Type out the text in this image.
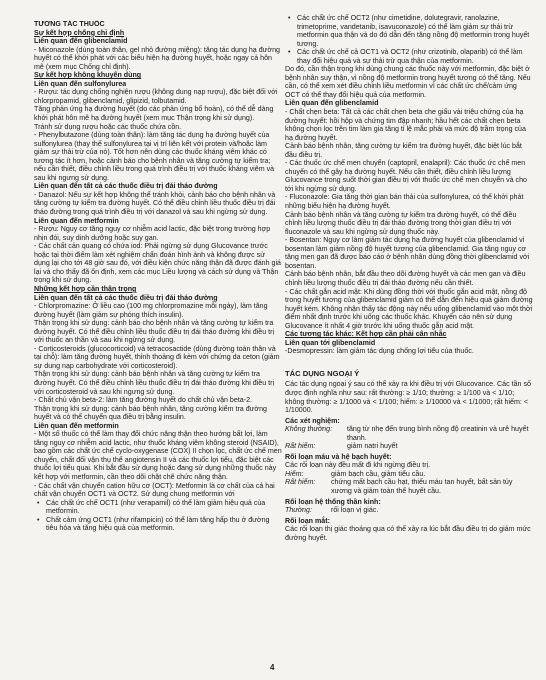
TƯƠNG TÁC THUỐC

Sự kết hợp chống chỉ định

Liên quan đến glibenclamid

- Miconazole (dùng toàn thân, gel nhỏ đường miệng): tăng tác dụng hạ đường huyết có thể khởi phát với các biểu hiện hạ đường huyết, hoặc ngay cả hôn mê (xem mục Chống chỉ định).

Sự kết hợp không khuyến dùng

Liên quan đến sulfonylurea

- Rượu: tác dụng chống nghiện rượu (không dung nạp rượu), đặc biệt đối với chlorpropamid, glibenclamid, glipizid, tolbutamid.

Tăng phản ứng hạ đường huyết (do các phản ứng bổ hoàn), có thể dễ dàng khởi phát hôn mê hạ đường huyết (xem mục Thận trọng khi sử dụng).

Tránh sử dụng rượu hoặc các thuốc chứa cồn.

- Phenylbutazone (dùng toàn thân): làm tăng tác dụng hạ đường huyết của sulfonylurea (thay thế sulfonylurea tại vị trí liên kết với protein và/hoặc làm giảm sự thải trừ của nó). Tốt hơn nên dùng các thuốc kháng viêm khác có tương tác ít hơn, hoặc cảnh báo cho bệnh nhân và tăng cường tự kiểm tra; nếu cần thiết, điều chỉnh liều trong quá trình điều trị với thuốc kháng viêm và sau khi ngưng sử dụng.

Liên quan đến tất cả các thuốc điều trị đái tháo đường

- Danazol: Nếu sự kết hợp không thể tránh khỏi, cảnh báo cho bệnh nhân và tăng cường tự kiểm tra đường huyết. Có thể điều chỉnh liều thuốc điều trị đái tháo đường trong quá trình điều trị với danazol và sau khi ngừng sử dụng.

Liên quan đến metformin

- Rượu: Nguy cơ tăng nguy cơ nhiễm acid lactic, đặc biệt trong trường hợp nhịn đói, suy dinh dưỡng hoặc suy gan.

- Các chất cản quang có chứa iod: Phải ngừng sử dụng Glucovance trước hoặc tại thời điểm làm xét nghiệm chẩn đoán hình ảnh và không được sử dụng lại cho tới 48 giờ sau đó, với điều kiện chức năng thận đã được đánh giá lại và cho thấy đã ổn định, xem các mục Liều lượng và cách sử dụng và Thận trọng khi sử dụng.

Những kết hợp cần thận trọng

Liên quan đến tất cả các thuốc điều trị đái tháo đường

- Chlorpromazine: Ở liều cao (100 mg chlorpromazine mỗi ngày), làm tăng đường huyết (làm giảm sự phóng thích insulin).

Thận trọng khi sử dụng: cảnh báo cho bệnh nhân và tăng cường tự kiểm tra đường huyết. Có thể điều chỉnh liều thuốc điều trị đái tháo đường khi điều trị với thuốc an thần và sau khi ngừng sử dụng.

- Corticosteroids (glucocorticoid) và tetracosactide (dùng đường toàn thân và tại chỗ): làm tăng đường huyết, thỉnh thoảng đi kèm với chứng da ceton (giảm sự dung nạp carbohydrate với corticosteroid).

Thận trọng khi sử dụng: cảnh báo bệnh nhân và tăng cường tự kiểm tra đường huyết. Có thể điều chỉnh liều thuốc điều trị đái tháo đường khi điều trị với corticosteroid và sau khi ngưng sử dụng.

- Chất chủ vận beta-2: làm tăng đường huyết do chất chủ vận beta-2.

Thận trọng khi sử dụng: cảnh báo bệnh nhân, tăng cường kiểm tra đường huyết và có thể chuyển qua điều trị bằng insulin.

Liên quan đến metformin

- Một số thuốc có thể làm thay đổi chức năng thận theo hướng bất lợi, làm tăng nguy cơ nhiễm acid lactic, như thuốc kháng viêm không steroid (NSAID), bao gồm các chất ức chế cyclo-oxygenase (COX) II chọn lọc, chất ức chế men chuyển, chất đối vận thụ thể angiotensin II và các thuốc lợi tiểu, đặc biệt các thuốc lợi tiểu quai. Khi bắt đầu sử dụng hoặc đang sử dụng những thuốc này kết hợp với metformin, cần theo dõi chặt chẽ chức năng thận.

- Các chất vận chuyển cation hữu cơ (OCT): Metformin là cơ chất của cả hai chất vận chuyển OCT1 và OCT2. Sử dụng chung metformin với

• Các chất ức chế OCT1 (như verapamil) có thể làm giảm hiệu quả của metformin.
• Chất cảm ứng OCT1 (như rifampicin) có thể làm tăng hấp thu ở đường tiêu hóa và tăng hiệu quả của metformin.
• Các chất ức chế OCT2 (như cimetidine, dolutegravir, ranolazine, trimetoprime, vandetanib, isavuconazole) có thể làm giảm sự thải trừ metformin qua thận và do đó dẫn đến tăng nồng độ metformin trong huyết tương.
• Các chất ức chế cả OCT1 và OCT2 (như crizotinib, olaparib) có thể làm thay đổi hiệu quả và sự thải trừ qua thận của metformin.

Do đó, cần thận trọng khi dùng chung các thuốc này với metformin, đặc biệt ở bệnh nhân suy thận, vì nồng độ metformin trong huyết tương có thể tăng. Nếu cần, có thể xem xét điều chỉnh liều metformin vì các chất ức chế/cảm ứng OCT có thể thay đổi hiệu quả của metformin.

Liên quan đến glibenclamid

- Chất chẹn beta: Tất cả các chất chẹn beta che giấu vài triệu chứng của hạ đường huyết: hồi hộp và chứng tim đập nhanh; hầu hết các chất chẹn beta không chọn lọc trên tim làm gia tăng tỉ lệ mắc phải và mức độ trầm trọng của hạ đường huyết.

Cảnh báo bệnh nhân, tăng cường tự kiểm tra đường huyết, đặc biệt lúc bắt đầu điều trị.

- Các thuốc ức chế men chuyển (captopril, enalapril): Các thuốc ức chế men chuyển có thể gây hạ đường huyết. Nếu cần thiết, điều chỉnh liều lượng Glucovance trong suốt thời gian điều trị với thuốc ức chế men chuyển và cho tới khi ngừng sử dụng.

- Fluconazole: Gia tăng thời gian bán thải của sulfonylurea, có thể khởi phát những biểu hiện hạ đường huyết.

Cảnh báo bệnh nhân và tăng cường tự kiểm tra đường huyết, có thể điều chỉnh liều lượng thuốc điều trị đái tháo đường trong thời gian điều trị với fluconazole và sau khi ngừng sử dụng thuốc này.

- Bosentan: Nguy cơ làm giảm tác dụng hạ đường huyết của glibenclamid vì bosentan làm giảm nồng độ huyết tương của glibenclamid. Gia tăng nguy cơ tăng men gan đã được báo cáo ở bệnh nhân dùng đồng thời glibenclamid với bosentan.

Cảnh báo bệnh nhân, bắt đầu theo dõi đường huyết và các men gan và điều chỉnh liều lượng thuốc điều trị đái tháo đường nếu cần thiết.

- Các chất gắn acid mật: Khi dùng đồng thời với thuốc gắn acid mật, nồng độ trong huyết tương của glibenclamid giảm có thể dẫn đến hiệu quả giảm đường huyết kém. Không nhận thấy tác động này nếu uống glibenclamid vào một thời điểm nhất định trước khi uống các thuốc khác. Khuyến cáo nên sử dụng Glucovance ít nhất 4 giờ trước khi uống thuốc gắn acid mật.

Các tương tác khác: Kết hợp cần phải cân nhắc

Liên quan tới glibenclamid

-Desmopressin: làm giảm tác dụng chống lợi tiểu của thuốc.

TÁC DỤNG NGOẠI Ý

Các tác dụng ngoại ý sau có thể xảy ra khi điều trị với Glucovance. Các tần số được định nghĩa như sau: rất thường: ≥ 1/10; thường: ≥ 1/100 và < 1/10; không thường: ≥ 1/1000 và < 1/100; hiếm: ≥ 1/10000 và < 1/1000; rất hiếm: < 1/10000.

Các xét nghiệm:

Không thường:	tăng từ nhẹ đến trung bình nồng độ creatinin và urê huyết thanh.
Rất hiếm:	giảm natri huyết

Rối loạn máu và hệ bạch huyết:

Các rối loạn này đều mất đi khi ngừng điều trị.

Hiếm:	giảm bạch cầu, giảm tiểu cầu.
Rất hiếm:	chứng mất bạch cầu hạt, thiếu máu tan huyết, bất sản tủy xương và giảm toàn thể huyết cầu.

Rối loạn hệ thống thần kinh:

Thường:	rối loạn vị giác.

Rối loạn mắt:

Các rối loạn thị giác thoáng qua có thể xảy ra lúc bắt đầu điều trị do giảm mức đường huyết.

4
